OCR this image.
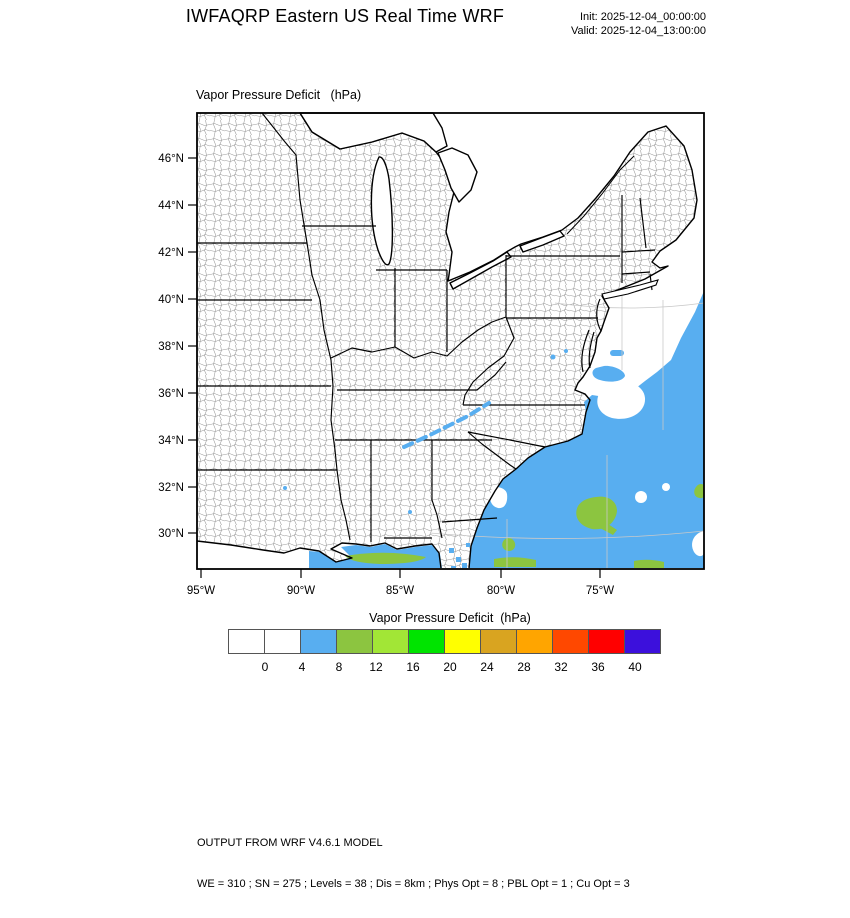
IWFAQRP Eastern US Real Time WRF	Init: 2025-12-04_00:00:00
Valid: 2025-12-04_13:00:00
Vapor Pressure Deficit   (hPa)
46°N
44°N
42°N
40°N
38°N
36°N
34°N
32°N
30°N
95°W	90°W	85°W	80°W	75°W
Vapor Pressure Deficit  (hPa)
0	4	8	12	16	20	24	28	32	36	40

OUTPUT FROM WRF V4.6.1 MODEL

WE = 310 ; SN = 275 ; Levels = 38 ; Dis = 8km ; Phys Opt = 8 ; PBL Opt = 1 ; Cu Opt = 3
